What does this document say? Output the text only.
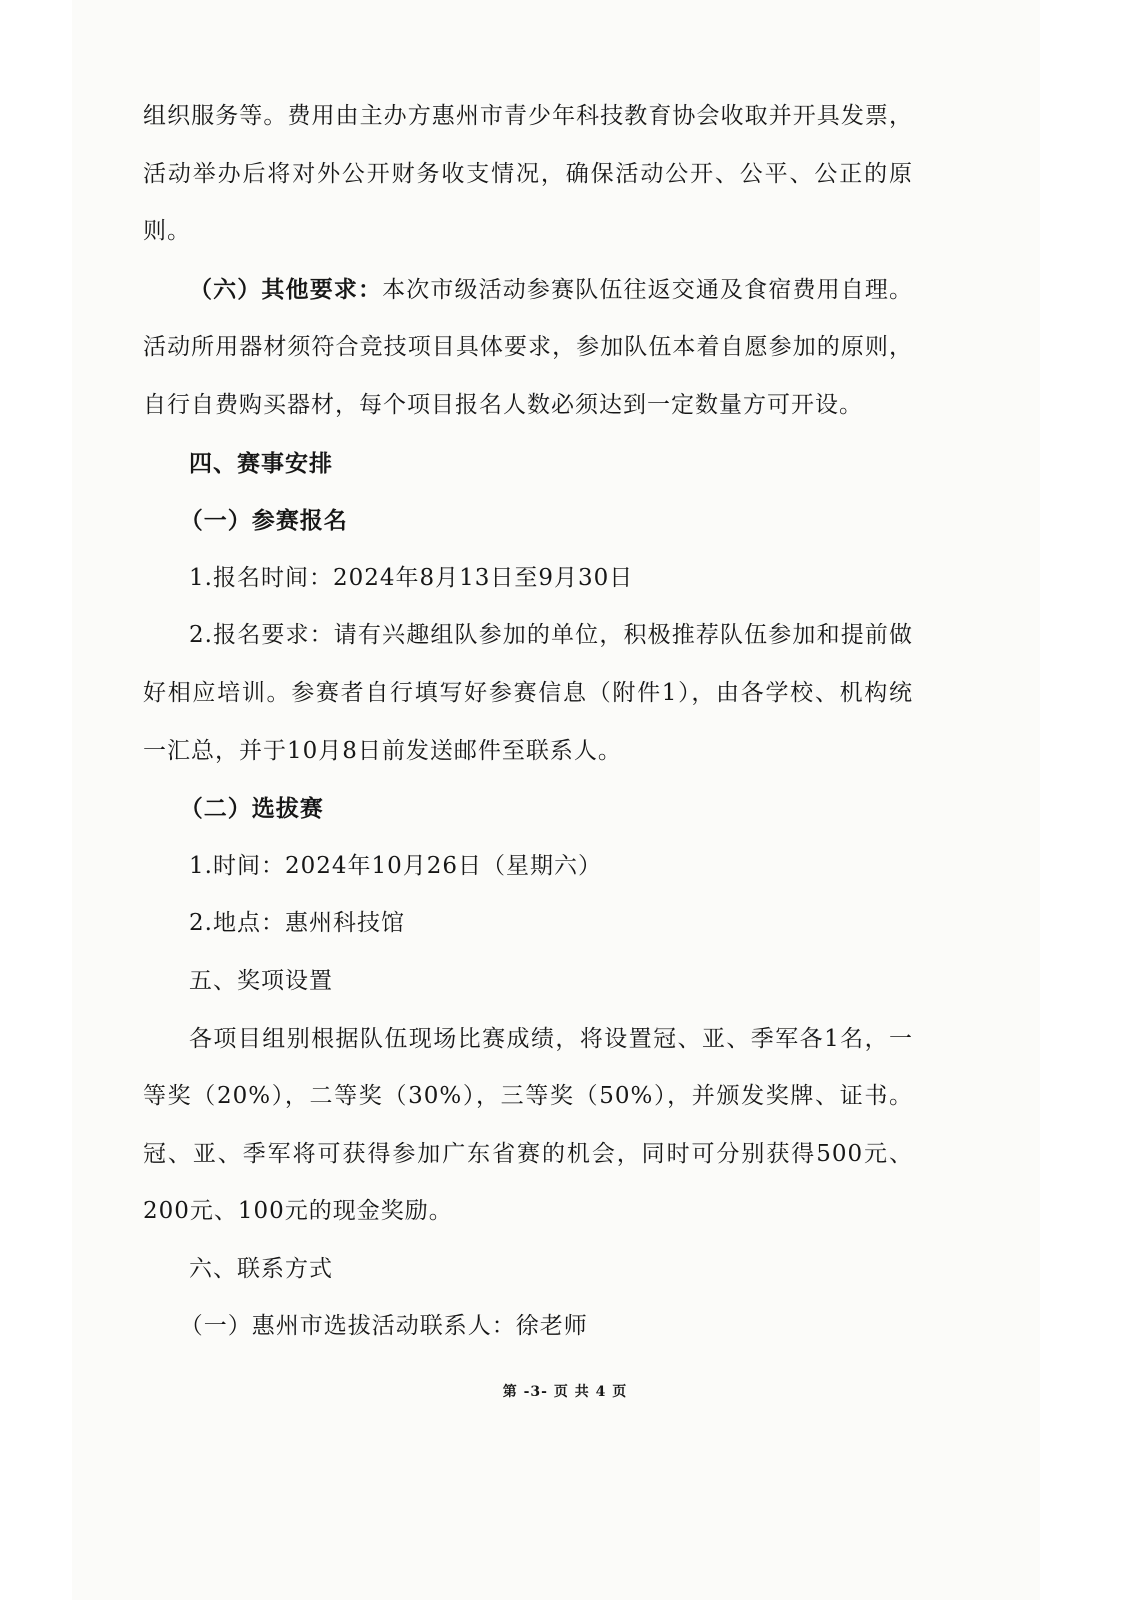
组织服务等。费用由主办方惠州市青少年科技教育协会收取并开具发票，活动举办后将对外公开财务收支情况，确保活动公开、公平、公正的原则。

（六）其他要求：本次市级活动参赛队伍往返交通及食宿费用自理。活动所用器材须符合竞技项目具体要求，参加队伍本着自愿参加的原则，自行自费购买器材，每个项目报名人数必须达到一定数量方可开设。

四、赛事安排

（一）参赛报名

1.报名时间：2024年8月13日至9月30日

2.报名要求：请有兴趣组队参加的单位，积极推荐队伍参加和提前做好相应培训。参赛者自行填写好参赛信息（附件1），由各学校、机构统一汇总，并于10月8日前发送邮件至联系人。

（二）选拔赛

1.时间：2024年10月26日（星期六）

2.地点：惠州科技馆

五、奖项设置

各项目组别根据队伍现场比赛成绩，将设置冠、亚、季军各1名，一等奖（20%），二等奖（30%），三等奖（50%），并颁发奖牌、证书。冠、亚、季军将可获得参加广东省赛的机会，同时可分别获得500元、200元、100元的现金奖励。

六、联系方式

（一）惠州市选拔活动联系人：徐老师

第 -3- 页 共 4 页
